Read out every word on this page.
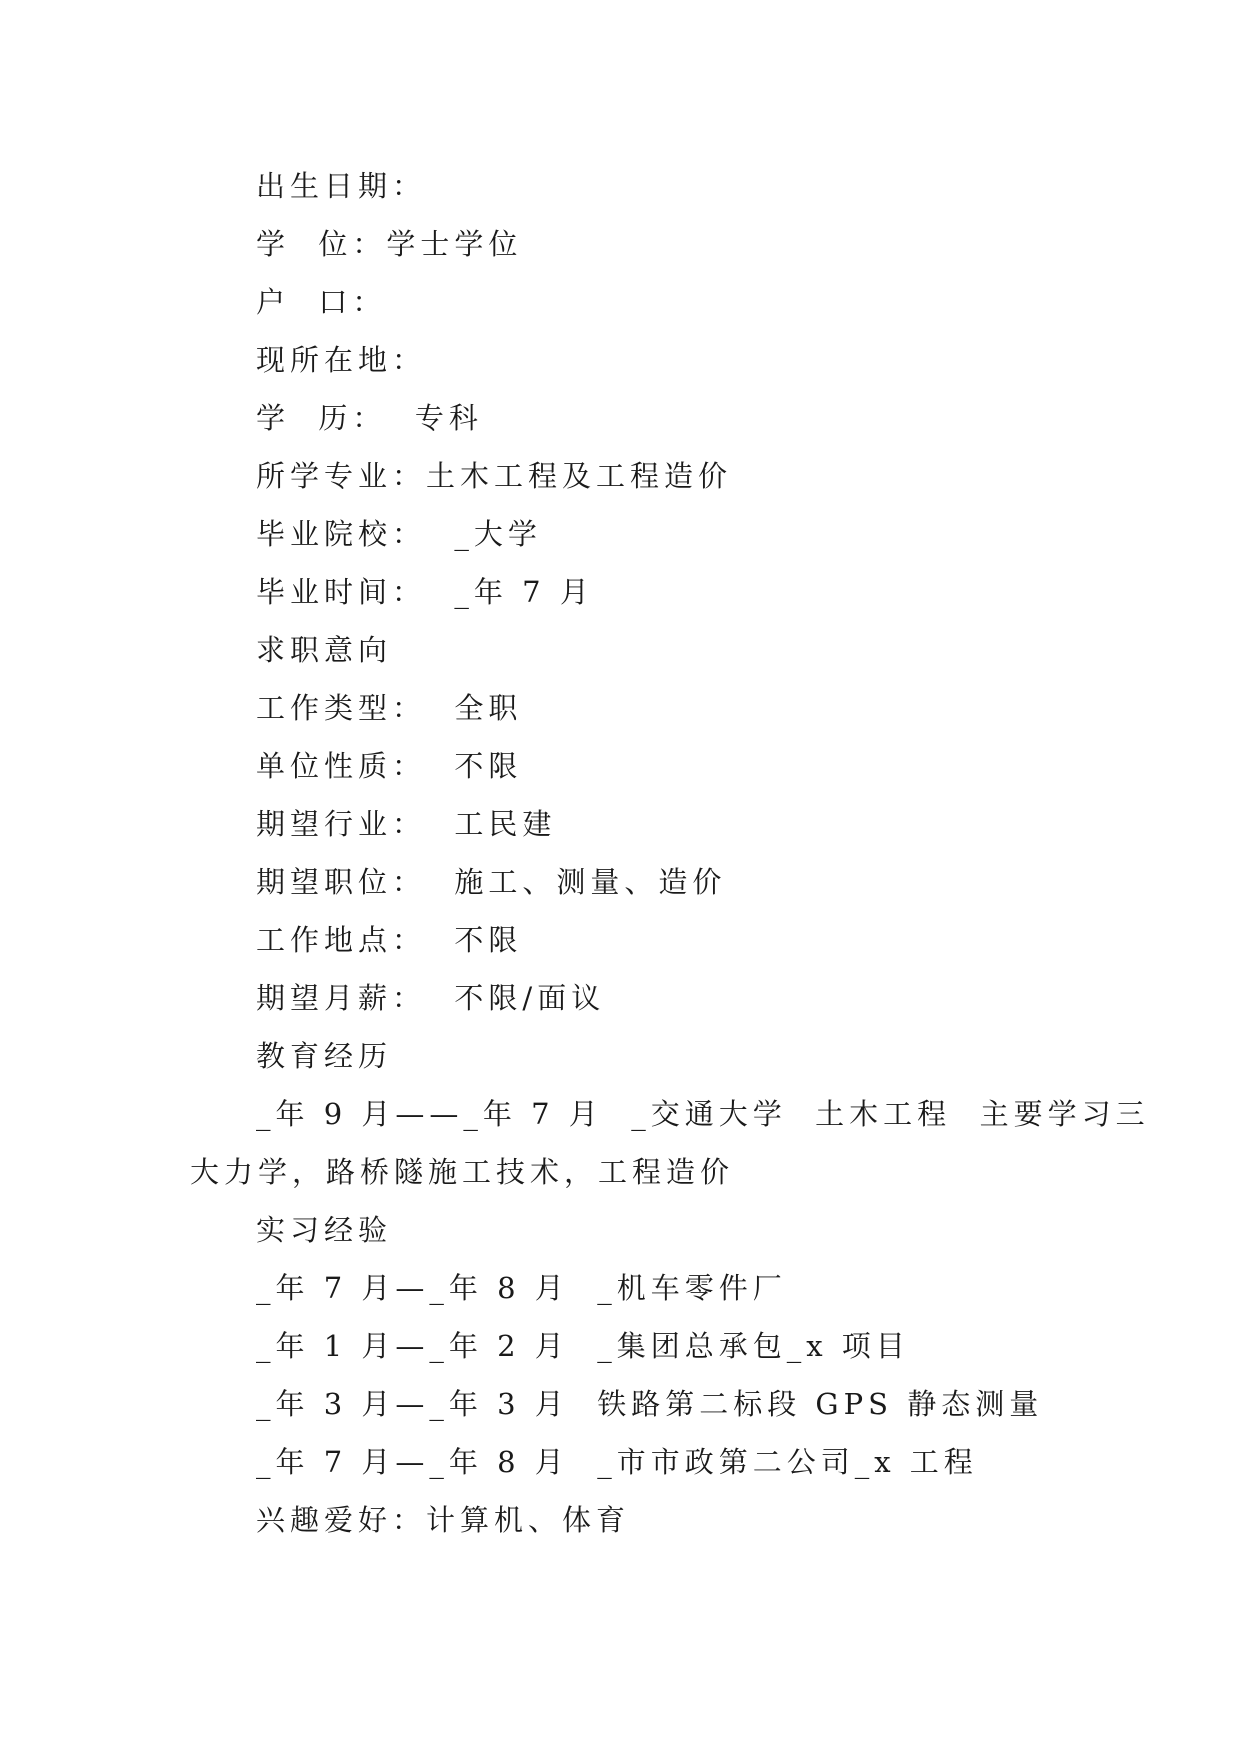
出生日期：
学  位：学士学位
户  口：
现所在地：
学  历：  专科
所学专业：土木工程及工程造价
毕业院校：  _大学
毕业时间：  _年 7 月
求职意向
工作类型：  全职
单位性质：  不限
期望行业：  工民建
期望职位：  施工、测量、造价
工作地点：  不限
期望月薪：  不限/面议
教育经历
_年 9 月——_年 7 月  _交通大学  土木工程  主要学习三
大力学，路桥隧施工技术，工程造价
实习经验
_年 7 月—_年 8 月  _机车零件厂
_年 1 月—_年 2 月  _集团总承包_x 项目
_年 3 月—_年 3 月  铁路第二标段 GPS 静态测量
_年 7 月—_年 8 月  _市市政第二公司_x 工程
兴趣爱好：计算机、体育
